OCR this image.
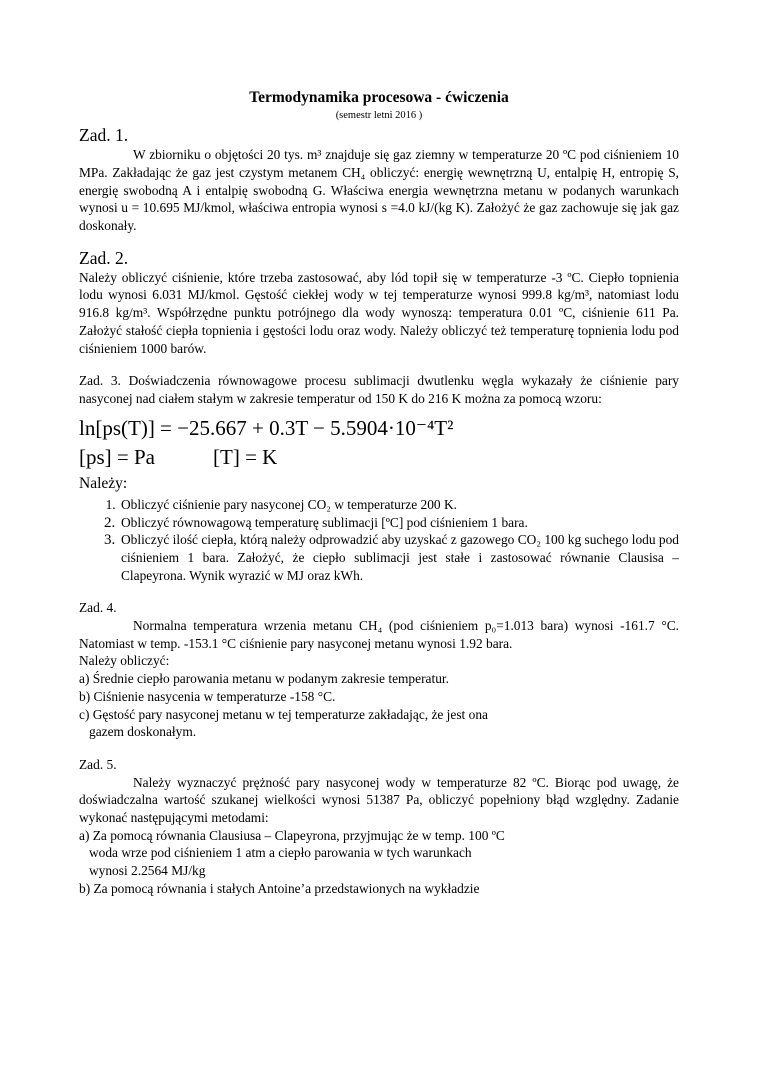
Termodynamika procesowa - ćwiczenia
(semestr letni 2016 )
Zad. 1.

W zbiorniku o objętości 20 tys. m³ znajduje się gaz ziemny w temperaturze 20 ºC pod ciśnieniem 10 MPa. Zakładając że gaz jest czystym metanem CH₄ obliczyć: energię wewnętrzną U, entalpię H, entropię S, energię swobodną A i entalpię swobodną G. Właściwa energia wewnętrzna metanu w podanych warunkach wynosi u = 10.695 MJ/kmol, właściwa entropia wynosi s =4.0 kJ/(kg K). Założyć że gaz zachowuje się jak gaz doskonały.

Zad. 2.

Należy obliczyć ciśnienie, które trzeba zastosować, aby lód topił się w temperaturze -3 ºC. Ciepło topnienia lodu wynosi 6.031 MJ/kmol. Gęstość ciekłej wody w tej temperaturze wynosi 999.8 kg/m³, natomiast lodu 916.8 kg/m³. Współrzędne punktu potrójnego dla wody wynoszą: temperatura 0.01 ºC, ciśnienie 611 Pa. Założyć stałość ciepła topnienia i gęstości lodu oraz wody. Należy obliczyć też temperaturę topnienia lodu pod ciśnieniem 1000 barów.

Zad. 3. Doświadczenia równowagowe procesu sublimacji dwutlenku węgla wykazały że ciśnienie pary nasyconej nad ciałem stałym w zakresie temperatur od 150 K do 216 K można za pomocą wzoru:

ln[ps(T)] = −25.667 + 0.3T − 5.5904·10⁻⁴T²
[ps] = Pa	[T] = K
Należy:
1. Obliczyć ciśnienie pary nasyconej CO₂ w temperaturze 200 K.
2. Obliczyć równowagową temperaturę sublimacji [ºC] pod ciśnieniem 1 bara.
3. Obliczyć ilość ciepła, którą należy odprowadzić aby uzyskać z gazowego CO₂ 100 kg suchego lodu pod ciśnieniem 1 bara. Założyć, że ciepło sublimacji jest stałe i zastosować równanie Clausisa – Clapeyrona. Wynik wyrazić w MJ oraz kWh.

Zad. 4.

Normalna temperatura wrzenia metanu CH₄ (pod ciśnieniem p₀=1.013 bara) wynosi -161.7 °C. Natomiast w temp. -153.1 °C ciśnienie pary nasyconej metanu wynosi 1.92 bara.

Należy obliczyć:

a) Średnie ciepło parowania metanu w podanym zakresie temperatur.

b) Ciśnienie nasycenia w temperaturze -158 °C.

c) Gęstość pary nasyconej metanu w tej temperaturze zakładając, że jest ona

gazem doskonałym.

Zad. 5.

Należy wyznaczyć prężność pary nasyconej wody w temperaturze 82 ºC. Biorąc pod uwagę, że doświadczalna wartość szukanej wielkości wynosi 51387 Pa, obliczyć popełniony błąd względny. Zadanie wykonać następującymi metodami:

a) Za pomocą równania Clausiusa – Clapeyrona, przyjmując że w temp. 100 ºC

woda wrze pod ciśnieniem 1 atm a ciepło parowania w tych warunkach

wynosi 2.2564 MJ/kg

b) Za pomocą równania i stałych Antoine’a przedstawionych na wykładzie
